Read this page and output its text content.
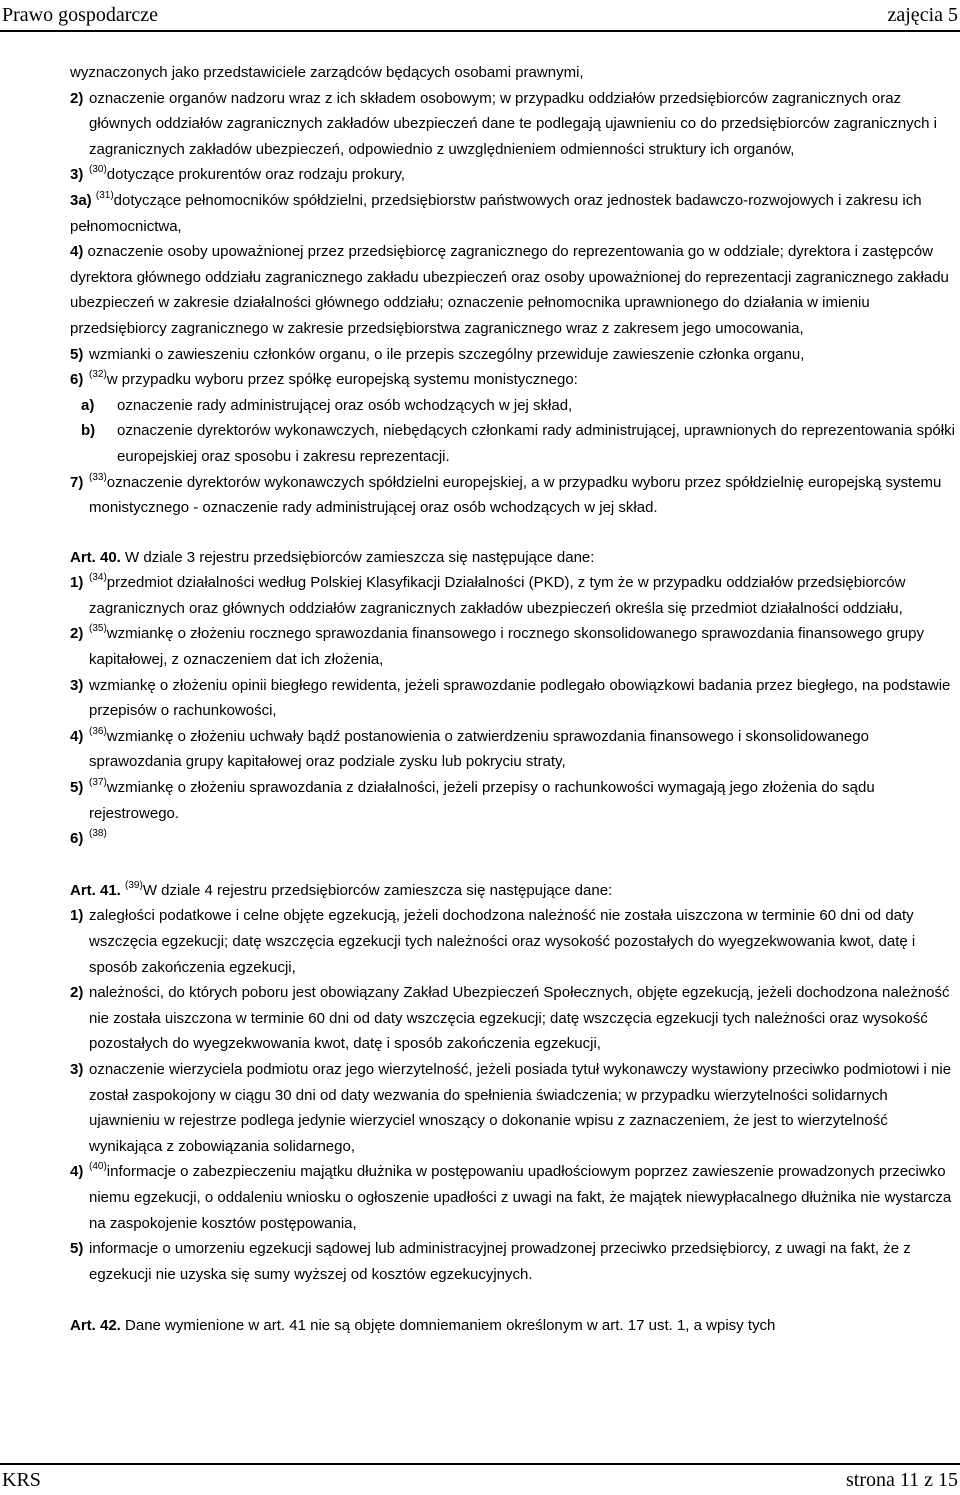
Prawo gospodarcze	zajęcia 5

wyznaczonych jako przedstawiciele zarządców będących osobami prawnymi,

2) oznaczenie organów nadzoru wraz z ich składem osobowym; w przypadku oddziałów przedsiębiorców zagranicznych oraz głównych oddziałów zagranicznych zakładów ubezpieczeń dane te podlegają ujawnieniu co do przedsiębiorców zagranicznych i zagranicznych zakładów ubezpieczeń, odpowiednio z uwzględnieniem odmienności struktury ich organów,

3) $^{(30)}$dotyczące prokurentów oraz rodzaju prokury,

3a) $^{(31)}$dotyczące pełnomocników spółdzielni, przedsiębiorstw państwowych oraz jednostek badawczo-rozwojowych i zakresu ich pełnomocnictwa,

4) oznaczenie osoby upoważnionej przez przedsiębiorcę zagranicznego do reprezentowania go w oddziale; dyrektora i zastępców dyrektora głównego oddziału zagranicznego zakładu ubezpieczeń oraz osoby upoważnionej do reprezentacji zagranicznego zakładu ubezpieczeń w zakresie działalności głównego oddziału; oznaczenie pełnomocnika uprawnionego do działania w imieniu przedsiębiorcy zagranicznego w zakresie przedsiębiorstwa zagranicznego wraz z zakresem jego umocowania,

5) wzmianki o zawieszeniu członków organu, o ile przepis szczególny przewiduje zawieszenie członka organu,

6) $^{(32)}$w przypadku wyboru przez spółkę europejską systemu monistycznego:

a) oznaczenie rady administrującej oraz osób wchodzących w jej skład,

b) oznaczenie dyrektorów wykonawczych, niebędących członkami rady administrującej, uprawnionych do reprezentowania spółki europejskiej oraz sposobu i zakresu reprezentacji.

7) $^{(33)}$oznaczenie dyrektorów wykonawczych spółdzielni europejskiej, a w przypadku wyboru przez spółdzielnię europejską systemu monistycznego - oznaczenie rady administrującej oraz osób wchodzących w jej skład.

Art. 40. W dziale 3 rejestru przedsiębiorców zamieszcza się następujące dane:

1) $^{(34)}$przedmiot działalności według Polskiej Klasyfikacji Działalności (PKD), z tym że w przypadku oddziałów przedsiębiorców zagranicznych oraz głównych oddziałów zagranicznych zakładów ubezpieczeń określa się przedmiot działalności oddziału,

2) $^{(35)}$wzmiankę o złożeniu rocznego sprawozdania finansowego i rocznego skonsolidowanego sprawozdania finansowego grupy kapitałowej, z oznaczeniem dat ich złożenia,

3) wzmiankę o złożeniu opinii biegłego rewidenta, jeżeli sprawozdanie podlegało obowiązkowi badania przez biegłego, na podstawie przepisów o rachunkowości,

4) $^{(36)}$wzmiankę o złożeniu uchwały bądź postanowienia o zatwierdzeniu sprawozdania finansowego i skonsolidowanego sprawozdania grupy kapitałowej oraz podziale zysku lub pokryciu straty,

5) $^{(37)}$wzmiankę o złożeniu sprawozdania z działalności, jeżeli przepisy o rachunkowości wymagają jego złożenia do sądu rejestrowego.

6) $^{(38)}$

Art. 41. $^{(39)}$W dziale 4 rejestru przedsiębiorców zamieszcza się następujące dane:

1) zaległości podatkowe i celne objęte egzekucją, jeżeli dochodzona należność nie została uiszczona w terminie 60 dni od daty wszczęcia egzekucji; datę wszczęcia egzekucji tych należności oraz wysokość pozostałych do wyegzekwowania kwot, datę i sposób zakończenia egzekucji,

2) należności, do których poboru jest obowiązany Zakład Ubezpieczeń Społecznych, objęte egzekucją, jeżeli dochodzona należność nie została uiszczona w terminie 60 dni od daty wszczęcia egzekucji; datę wszczęcia egzekucji tych należności oraz wysokość pozostałych do wyegzekwowania kwot, datę i sposób zakończenia egzekucji,

3) oznaczenie wierzyciela podmiotu oraz jego wierzytelność, jeżeli posiada tytuł wykonawczy wystawiony przeciwko podmiotowi i nie został zaspokojony w ciągu 30 dni od daty wezwania do spełnienia świadczenia; w przypadku wierzytelności solidarnych ujawnieniu w rejestrze podlega jedynie wierzyciel wnoszący o dokonanie wpisu z zaznaczeniem, że jest to wierzytelność wynikająca z zobowiązania solidarnego,

4) $^{(40)}$informacje o zabezpieczeniu majątku dłużnika w postępowaniu upadłościowym poprzez zawieszenie prowadzonych przeciwko niemu egzekucji, o oddaleniu wniosku o ogłoszenie upadłości z uwagi na fakt, że majątek niewypłacalnego dłużnika nie wystarcza na zaspokojenie kosztów postępowania,

5) informacje o umorzeniu egzekucji sądowej lub administracyjnej prowadzonej przeciwko przedsiębiorcy, z uwagi na fakt, że z egzekucji nie uzyska się sumy wyższej od kosztów egzekucyjnych.

Art. 42. Dane wymienione w art. 41 nie są objęte domniemaniem określonym w art. 17 ust. 1, a wpisy tych

KRS	strona 11 z 15
